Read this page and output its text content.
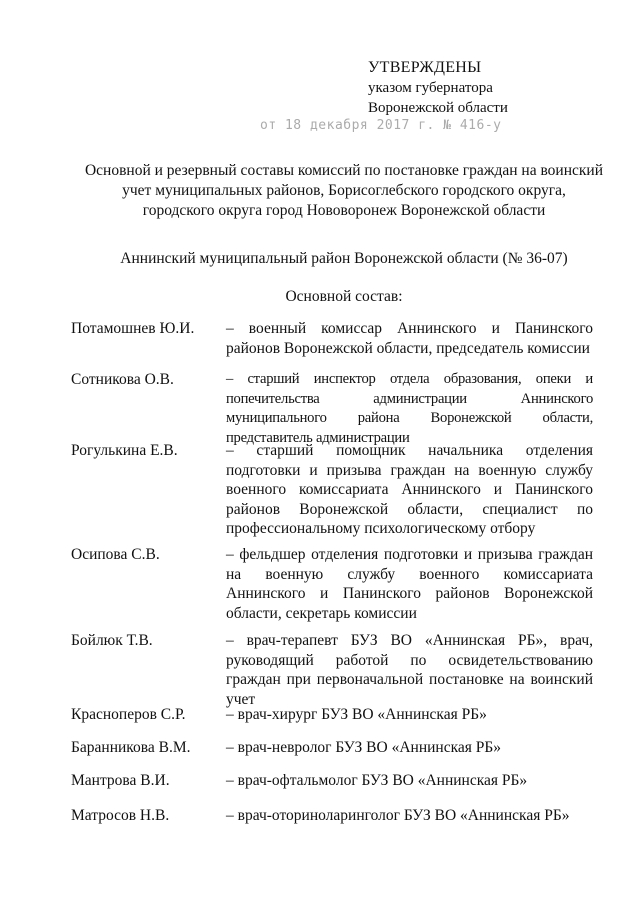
УТВЕРЖДЕНЫ
указом губернатора
Воронежской области
от 18 декабря 2017 г. № 416-у
Основной и резервный составы комиссий по постановке граждан на воинский
учет муниципальных районов, Борисоглебского городского округа,
городского округа город Нововоронеж Воронежской области
Аннинский муниципальный район Воронежской области (№ 36-07)
Основной состав:
Потамошнев Ю.И.	– военный комиссар Аннинского и Панинского районов Воронежской области, председатель комиссии
Сотникова О.В.	– старший инспектор отдела образования, опеки и попечительства администрации Аннинского муниципального района Воронежской области, представитель администрации
Рогулькина Е.В.	– старший помощник начальника отделения подготовки и призыва граждан на военную службу военного комиссариата Аннинского и Панинского районов Воронежской области, специалист по профессиональному психологическому отбору
Осипова С.В.	– фельдшер отделения подготовки и призыва граждан на военную службу военного комиссариата Аннинского и Панинского районов Воронежской области, секретарь комиссии
Бойлюк Т.В.	– врач-терапевт БУЗ ВО «Аннинская РБ», врач, руководящий работой по освидетельствованию граждан при первоначальной постановке на воинский учет
Красноперов С.Р.	– врач-хирург БУЗ ВО «Аннинская РБ»
Баранникова В.М.	– врач-невролог БУЗ ВО «Аннинская РБ»
Мантрова В.И.	– врач-офтальмолог БУЗ ВО «Аннинская РБ»
Матросов Н.В.	– врач-оториноларинголог БУЗ ВО «Аннинская РБ»
